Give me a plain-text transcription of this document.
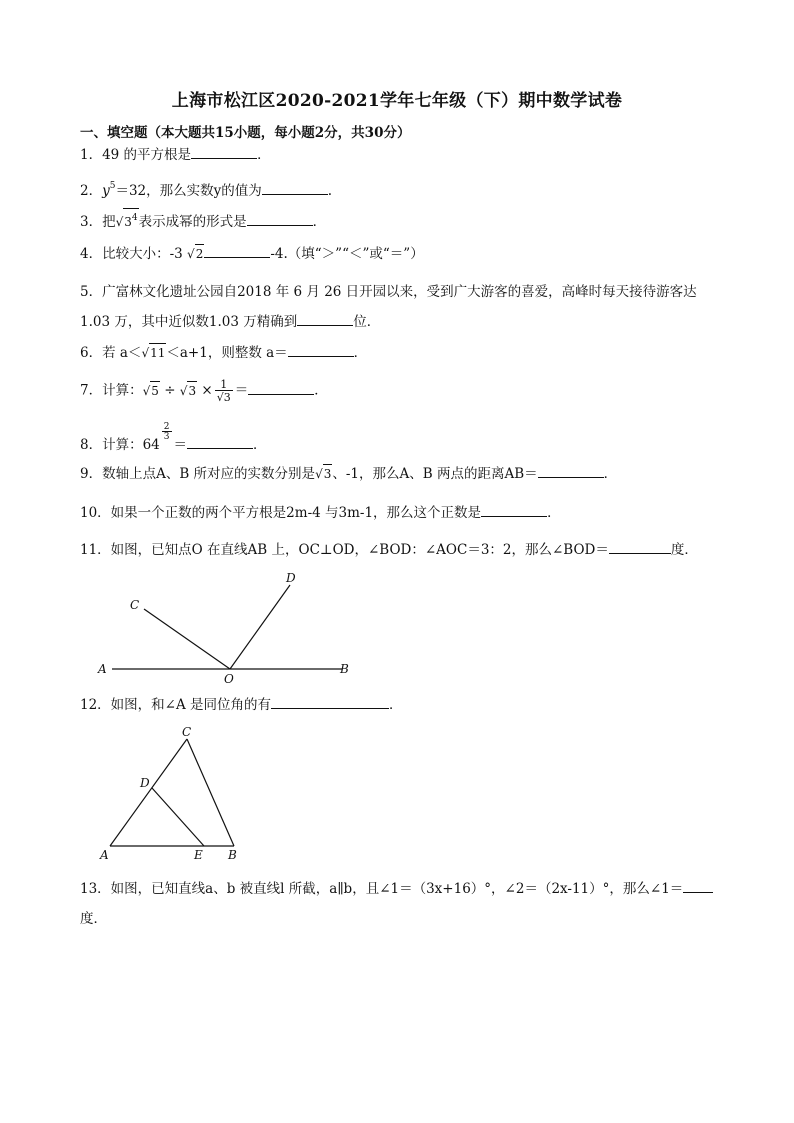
上海市松江区2020-2021学年七年级（下）期中数学试卷
一、填空题（本大题共15小题，每小题2分，共30分）
1．49 的平方根是	．
2．$y^5=32$，那么实数y的值为	.
3．把$√3^4$表示成幂的形式是	．
4．比较大小：-3 √2	-4.（填“＞”“＜”或“＝”）
5．广富林文化遗址公园自2018 年 6 月 26 日开园以来，受到广大游客的喜爱，高峰时每天接待游客达1.03 万，其中近似数1.03 万精确到	位．
6．若 a＜√11＜a+1，则整数 a＝	．
7．计算：$√5 \div √3 \times \frac{1}{√3}$ ＝	．
8．计算：$64\frac{2}{3}=$	．
9．数轴上点A、B 所对应的实数分别是√3、-1，那么A、B 两点的距离AB＝	．
10．如果一个正数的两个平方根是2m-4 与3m-1，那么这个正数是	．
11．如图，已知点O 在直线AB 上，OC⊥OD，∠BOD：∠AOC＝3：2，那么∠BOD＝	度．
C
D
A
O
B
12．如图，和∠A 是同位角的有	．
C
D
A	E B
13．如图，已知直线a、b 被直线l 所截，a∥b，且∠1＝（3x+16）°，∠2＝（2x-11）°，那么∠1＝
度．
